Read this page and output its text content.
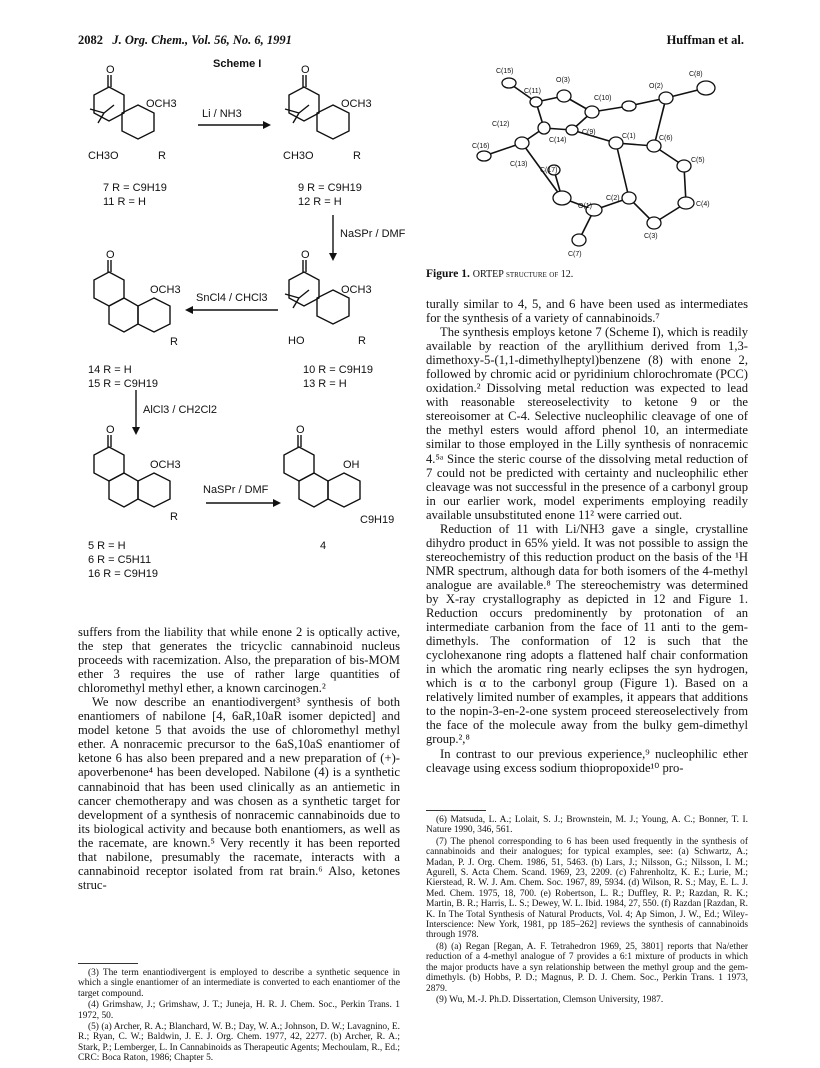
2082 J. Org. Chem., Vol. 56, No. 6, 1991	Huffman et al.
Scheme I
O
OCH3
CH3O	R
7 R = C9H19
11 R = H
Li / NH3
O
OCH3
CH3O	R
9 R = C9H19
12 R = H
NaSPr / DMF
O
OCH3
R
14 R = H
15 R = C9H19
SnCl4 / CHCl3
O
OCH3
HO	R
10 R = C9H19
13 R = H
AlCl3 / CH2Cl2
O
OCH3
R
5 R = H
6 R = C5H11
16 R = C9H19
NaSPr / DMF
O
OH
C9H19
4
C(15)
O(3)
C(11)
C(10)
O(2)
C(8)
C(12)
C(14)
C(9)
C(1)	C(6)
C(16)
C(13)
C(17)
C(5)
C(2)
O(1)	C(4)
C(3)
C(7)
Figure 1. ORTEP structure of 12.

suffers from the liability that while enone 2 is optically active, the step that generates the tricyclic cannabinoid nucleus proceeds with racemization. Also, the preparation of bis-MOM ether 3 requires the use of rather large quantities of chloromethyl methyl ether, a known carcinogen.²

We now describe an enantiodivergent³ synthesis of both enantiomers of nabilone [4, 6aR,10aR isomer depicted] and model ketone 5 that avoids the use of chloromethyl methyl ether. A nonracemic precursor to the 6aS,10aS enantiomer of ketone 6 has also been prepared and a new preparation of (+)-apoverbenone⁴ has been developed. Nabilone (4) is a synthetic cannabinoid that has been used clinically as an antiemetic in cancer chemotherapy and was chosen as a synthetic target for development of a synthesis of nonracemic cannabinoids due to its biological activity and because both enantiomers, as well as the racemate, are known.⁵ Very recently it has been reported that nabilone, presumably the racemate, interacts with a cannabinoid receptor isolated from rat brain.⁶ Also, ketones struc-

turally similar to 4, 5, and 6 have been used as intermediates for the synthesis of a variety of cannabinoids.⁷

The synthesis employs ketone 7 (Scheme I), which is readily available by reaction of the aryllithium derived from 1,3-dimethoxy-5-(1,1-dimethylheptyl)benzene (8) with enone 2, followed by chromic acid or pyridinium chlorochromate (PCC) oxidation.² Dissolving metal reduction was expected to lead with reasonable stereoselectivity to ketone 9 or the stereoisomer at C-4. Selective nucleophilic cleavage of one of the methyl esters would afford phenol 10, an intermediate similar to those employed in the Lilly synthesis of nonracemic 4.⁵ᵃ Since the steric course of the dissolving metal reduction of 7 could not be predicted with certainty and nucleophilic ether cleavage was not successful in the presence of a carbonyl group in our earlier work, model experiments employing readily available unsubstituted enone 11² were carried out.

Reduction of 11 with Li/NH3 gave a single, crystalline dihydro product in 65% yield. It was not possible to assign the stereochemistry of this reduction product on the basis of the ¹H NMR spectrum, although data for both isomers of the 4-methyl analogue are available.⁸ The stereochemistry was determined by X-ray crystallography as depicted in 12 and Figure 1. Reduction occurs predominently by protonation of an intermediate carbanion from the face of 11 anti to the gem-dimethyls. The conformation of 12 is such that the cyclohexanone ring adopts a flattened half chair conformation in which the aromatic ring nearly eclipses the syn hydrogen, which is α to the carbonyl group (Figure 1). Based on a relatively limited number of examples, it appears that additions to the nopin-3-en-2-one system proceed stereoselectively from the face of the molecule away from the bulky gem-dimethyl group.²,⁸

In contrast to our previous experience,⁹ nucleophilic ether cleavage using excess sodium thiopropoxide¹⁰ pro-

(3) The term enantiodivergent is employed to describe a synthetic sequence in which a single enantiomer of an intermediate is converted to each enantiomer of the target compound.

(4) Grimshaw, J.; Grimshaw, J. T.; Juneja, H. R. J. Chem. Soc., Perkin Trans. 1 1972, 50.

(5) (a) Archer, R. A.; Blanchard, W. B.; Day, W. A.; Johnson, D. W.; Lavagnino, E. R.; Ryan, C. W.; Baldwin, J. E. J. Org. Chem. 1977, 42, 2277. (b) Archer, R. A.; Stark, P.; Lemberger, L. In Cannabinoids as Therapeutic Agents; Mechoulam, R., Ed.; CRC: Boca Raton, 1986; Chapter 5.

(6) Matsuda, L. A.; Lolait, S. J.; Brownstein, M. J.; Young, A. C.; Bonner, T. I. Nature 1990, 346, 561.

(7) The phenol corresponding to 6 has been used frequently in the synthesis of cannabinoids and their analogues; for typical examples, see: (a) Schwartz, A.; Madan, P. J. Org. Chem. 1986, 51, 5463. (b) Lars, J.; Nilsson, G.; Nilsson, I. M.; Agurell, S. Acta Chem. Scand. 1969, 23, 2209. (c) Fahrenholtz, K. E.; Lurie, M.; Kierstead, R. W. J. Am. Chem. Soc. 1967, 89, 5934. (d) Wilson, R. S.; May, E. L. J. Med. Chem. 1975, 18, 700. (e) Robertson, L. R.; Duffley, R. P.; Razdan, R. K.; Martin, B. R.; Harris, L. S.; Dewey, W. L. Ibid. 1984, 27, 550. (f) Razdan [Razdan, R. K. In The Total Synthesis of Natural Products, Vol. 4; Ap Simon, J. W., Ed.; Wiley-Interscience: New York, 1981, pp 185–262] reviews the synthesis of cannabinoids through 1978.

(8) (a) Regan [Regan, A. F. Tetrahedron 1969, 25, 3801] reports that Na/ether reduction of a 4-methyl analogue of 7 provides a 6:1 mixture of products in which the major products have a syn relationship between the methyl group and the gem-dimethyls. (b) Hobbs, P. D.; Magnus, P. D. J. Chem. Soc., Perkin Trans. 1 1973, 2879.

(9) Wu, M.-J. Ph.D. Dissertation, Clemson University, 1987.
